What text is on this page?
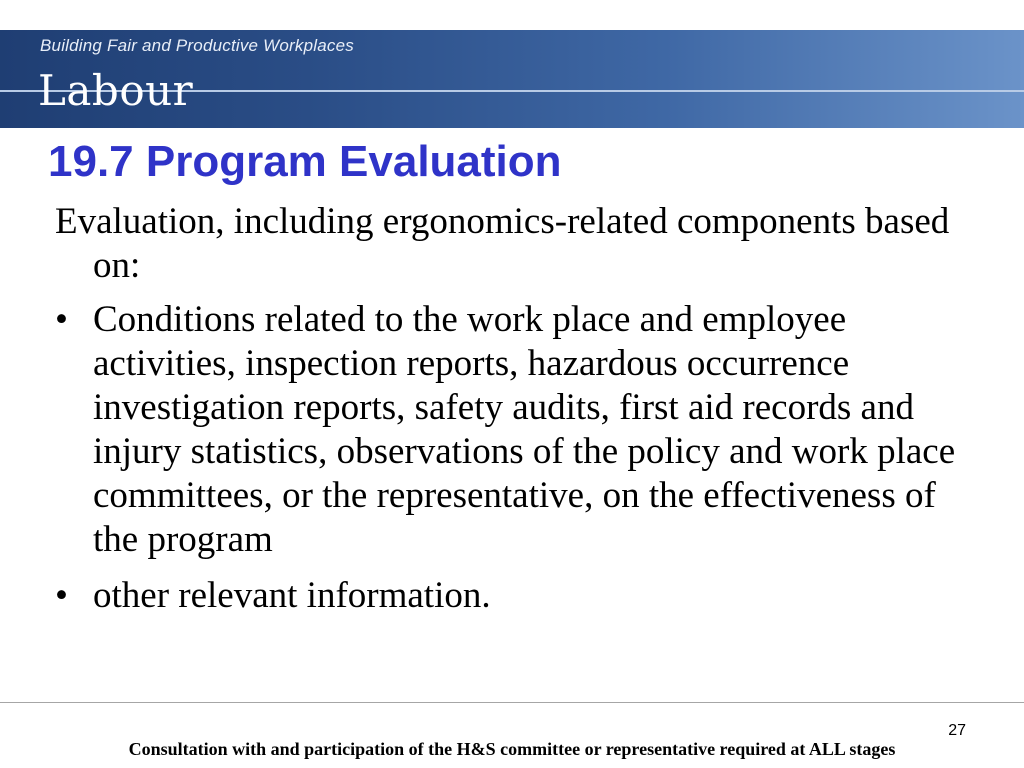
Building Fair and Productive Workplaces
Labour
19.7 Program Evaluation

Evaluation, including ergonomics-related components based on:

• Conditions related to the work place and employee activities, inspection reports, hazardous occurrence investigation reports, safety audits, first aid records and injury statistics, observations of the policy and work place committees, or the representative, on the effectiveness of the program
• other relevant information.
27
Consultation with and participation of the H&S committee or representative required at ALL stages
